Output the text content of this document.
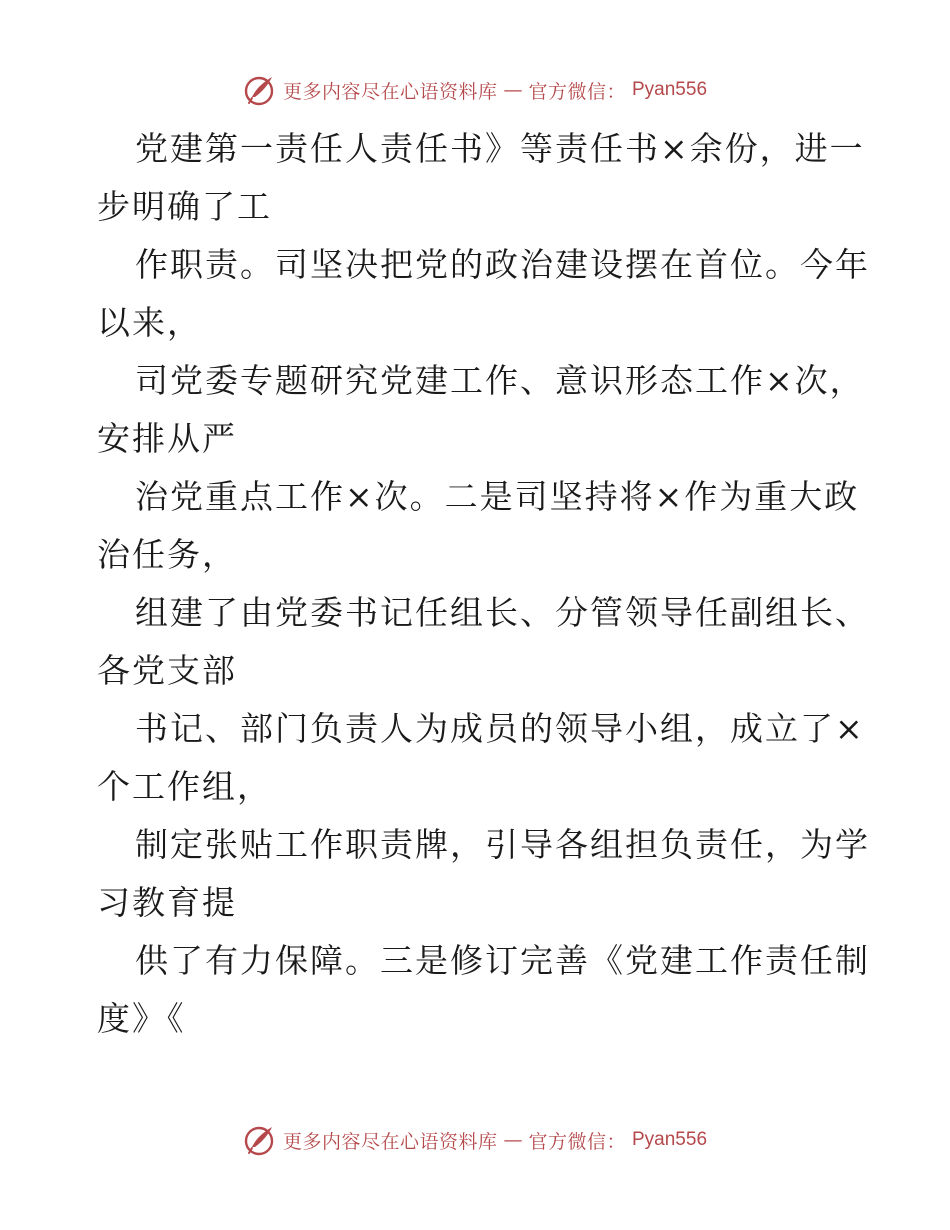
更多内容尽在心语资料库 — 官方微信： Pyan556
党建第一责任人责任书》等责任书×余份，进一
步明确了工
作职责。司坚决把党的政治建设摆在首位。今年
以来，
司党委专题研究党建工作、意识形态工作×次，
安排从严
治党重点工作×次。二是司坚持将×作为重大政
治任务，
组建了由党委书记任组长、分管领导任副组长、
各党支部
书记、部门负责人为成员的领导小组，成立了×
个工作组，
制定张贴工作职责牌，引导各组担负责任，为学
习教育提
供了有力保障。三是修订完善《党建工作责任制
度》《
更多内容尽在心语资料库 — 官方微信： Pyan556
